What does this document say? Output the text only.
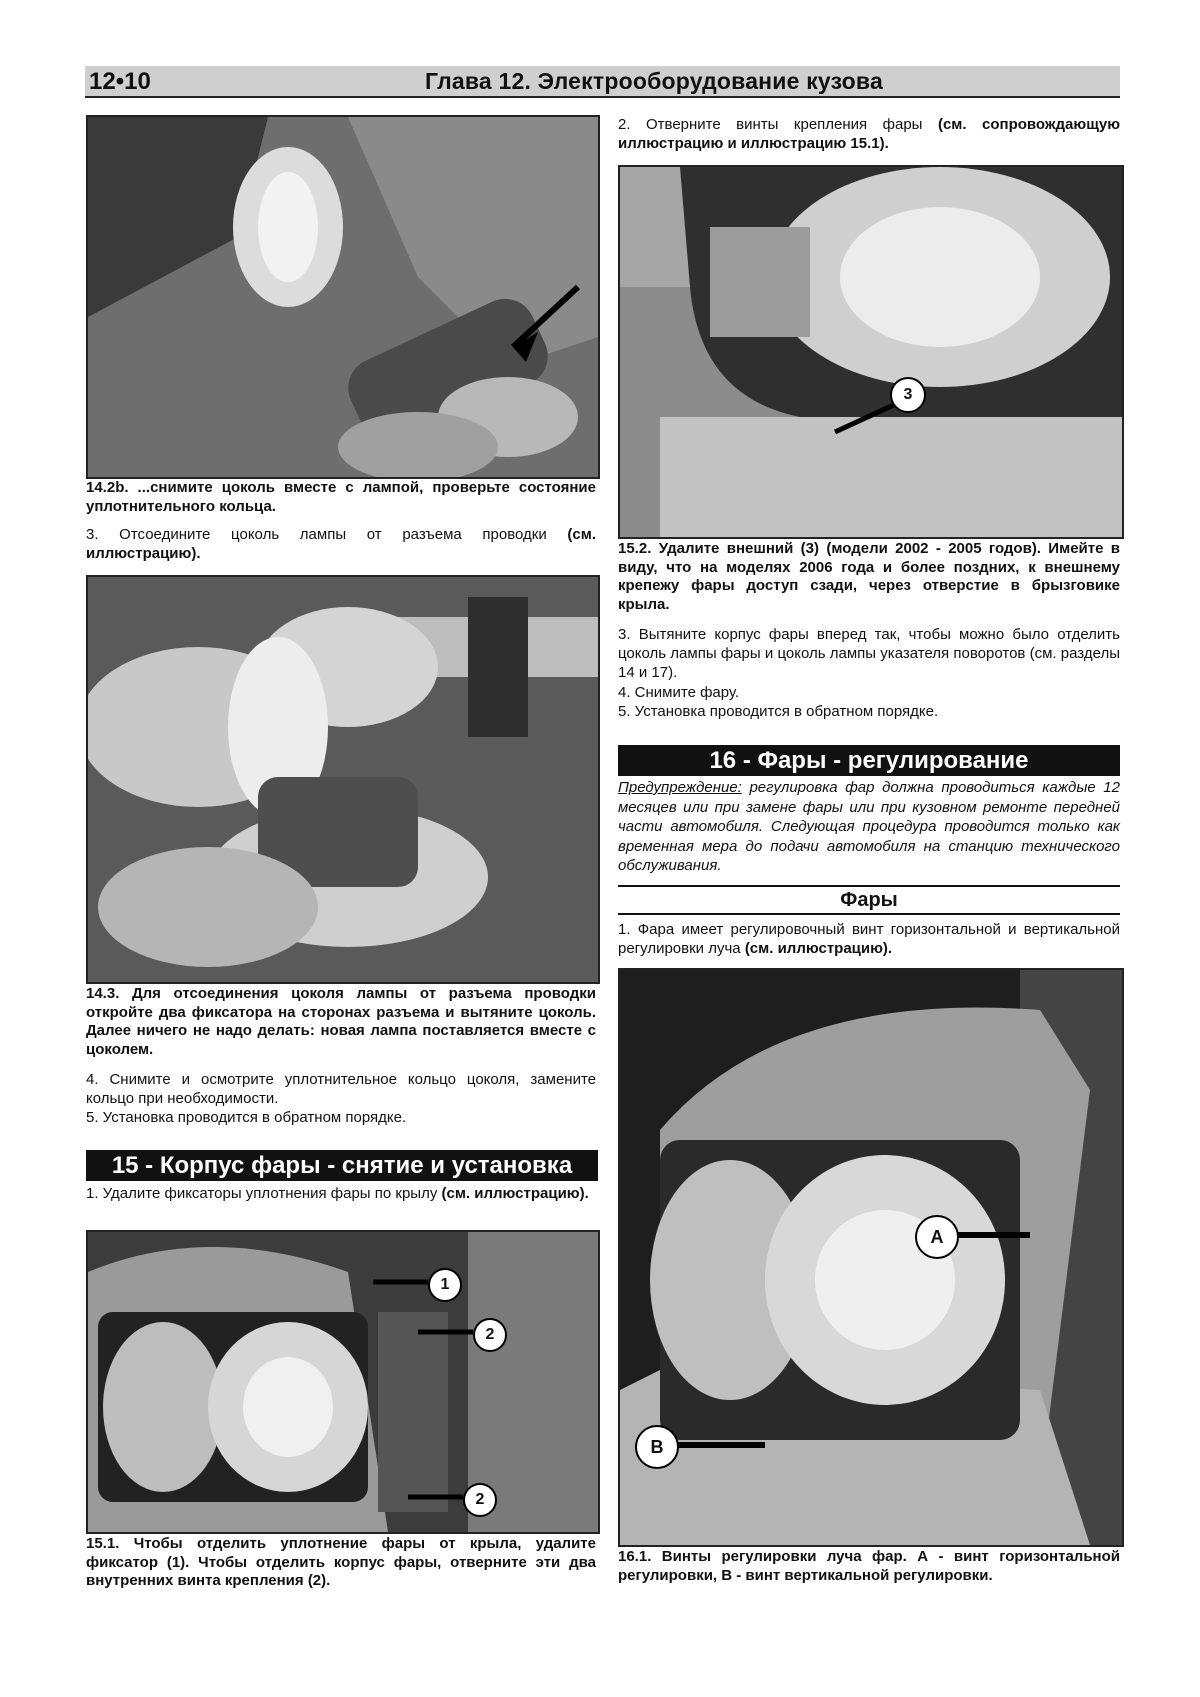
12•10	Глава 12. Электрооборудование кузова
14.2b. ...снимите цоколь вместе с лампой, проверьте состояние уплотнительного кольца.
3. Отсоедините цоколь лампы от разъема проводки (см. иллюстрацию).
14.3. Для отсоединения цоколя лампы от разъема проводки откройте два фиксатора на сторонах разъема и вытяните цоколь. Далее ничего не надо делать: новая лампа поставляется вместе с цоколем.
4. Снимите и осмотрите уплотнительное кольцо цоколя, замените кольцо при необходимости.
5. Установка проводится в обратном порядке.
15 - Корпус фары - снятие и установка
1. Удалите фиксаторы уплотнения фары по крылу (см. иллюстрацию).
1
2
2
15.1. Чтобы отделить уплотнение фары от крыла, удалите фиксатор (1). Чтобы отделить корпус фары, отверните эти два внутренних винта крепления (2).
2. Отверните винты крепления фары (см. сопровождающую иллюстрацию и иллюстрацию 15.1).
3
15.2. Удалите внешний (3) (модели 2002 - 2005 годов). Имейте в виду, что на моделях 2006 года и более поздних, к внешнему крепежу фары доступ сзади, через отверстие в брызговике крыла.
3. Вытяните корпус фары вперед так, чтобы можно было отделить цоколь лампы фары и цоколь лампы указателя поворотов (см. разделы 14 и 17).
4. Снимите фару.
5. Установка проводится в обратном порядке.
16 - Фары - регулирование
Предупреждение: регулировка фар должна проводиться каждые 12 месяцев или при замене фары или при кузовном ремонте передней части автомобиля. Следующая процедура проводится только как временная мера до подачи автомобиля на станцию технического обслуживания.
Фары
1. Фара имеет регулировочный винт горизонтальной и вертикальной регулировки луча (см. иллюстрацию).
A
B
16.1. Винты регулировки луча фар. А - винт горизонтальной регулировки, В - винт вертикальной регулировки.
